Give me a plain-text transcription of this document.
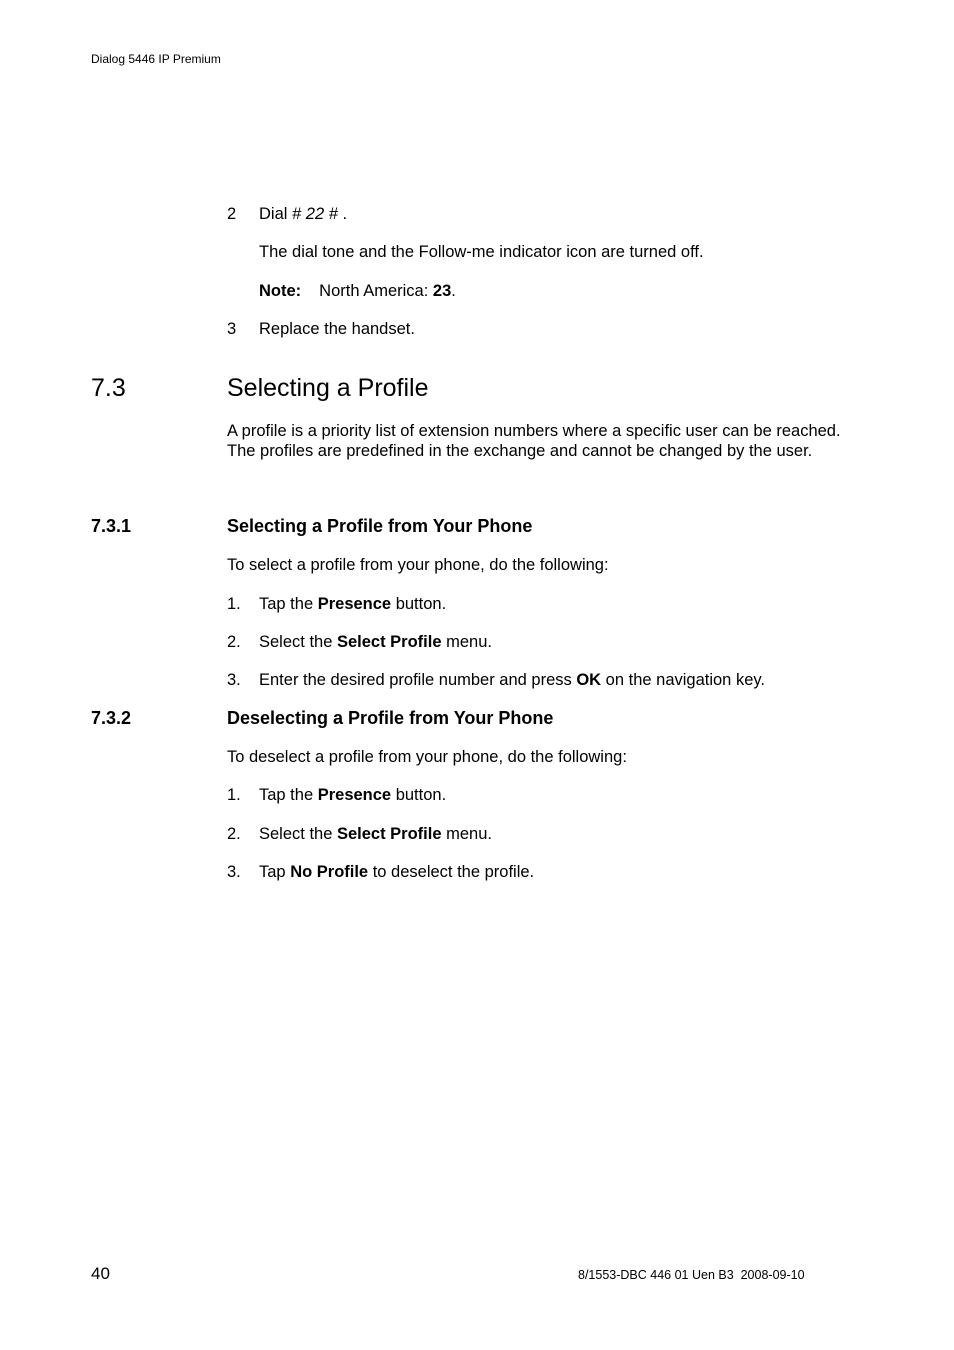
Dialog 5446 IP Premium
2 Dial # 22 # .
The dial tone and the Follow-me indicator icon are turned off.
Note: North America: 23.
3 Replace the handset.
7.3	Selecting a Profile
A profile is a priority list of extension numbers where a specific user can be reached. The profiles are predefined in the exchange and cannot be changed by the user.
7.3.1	Selecting a Profile from Your Phone
To select a profile from your phone, do the following:
1. Tap the Presence button.
2. Select the Select Profile menu.
3. Enter the desired profile number and press OK on the navigation key.
7.3.2	Deselecting a Profile from Your Phone
To deselect a profile from your phone, do the following:
1. Tap the Presence button.
2. Select the Select Profile menu.
3. Tap No Profile to deselect the profile.
40	8/1553-DBC 446 01 Uen B3  2008-09-10
